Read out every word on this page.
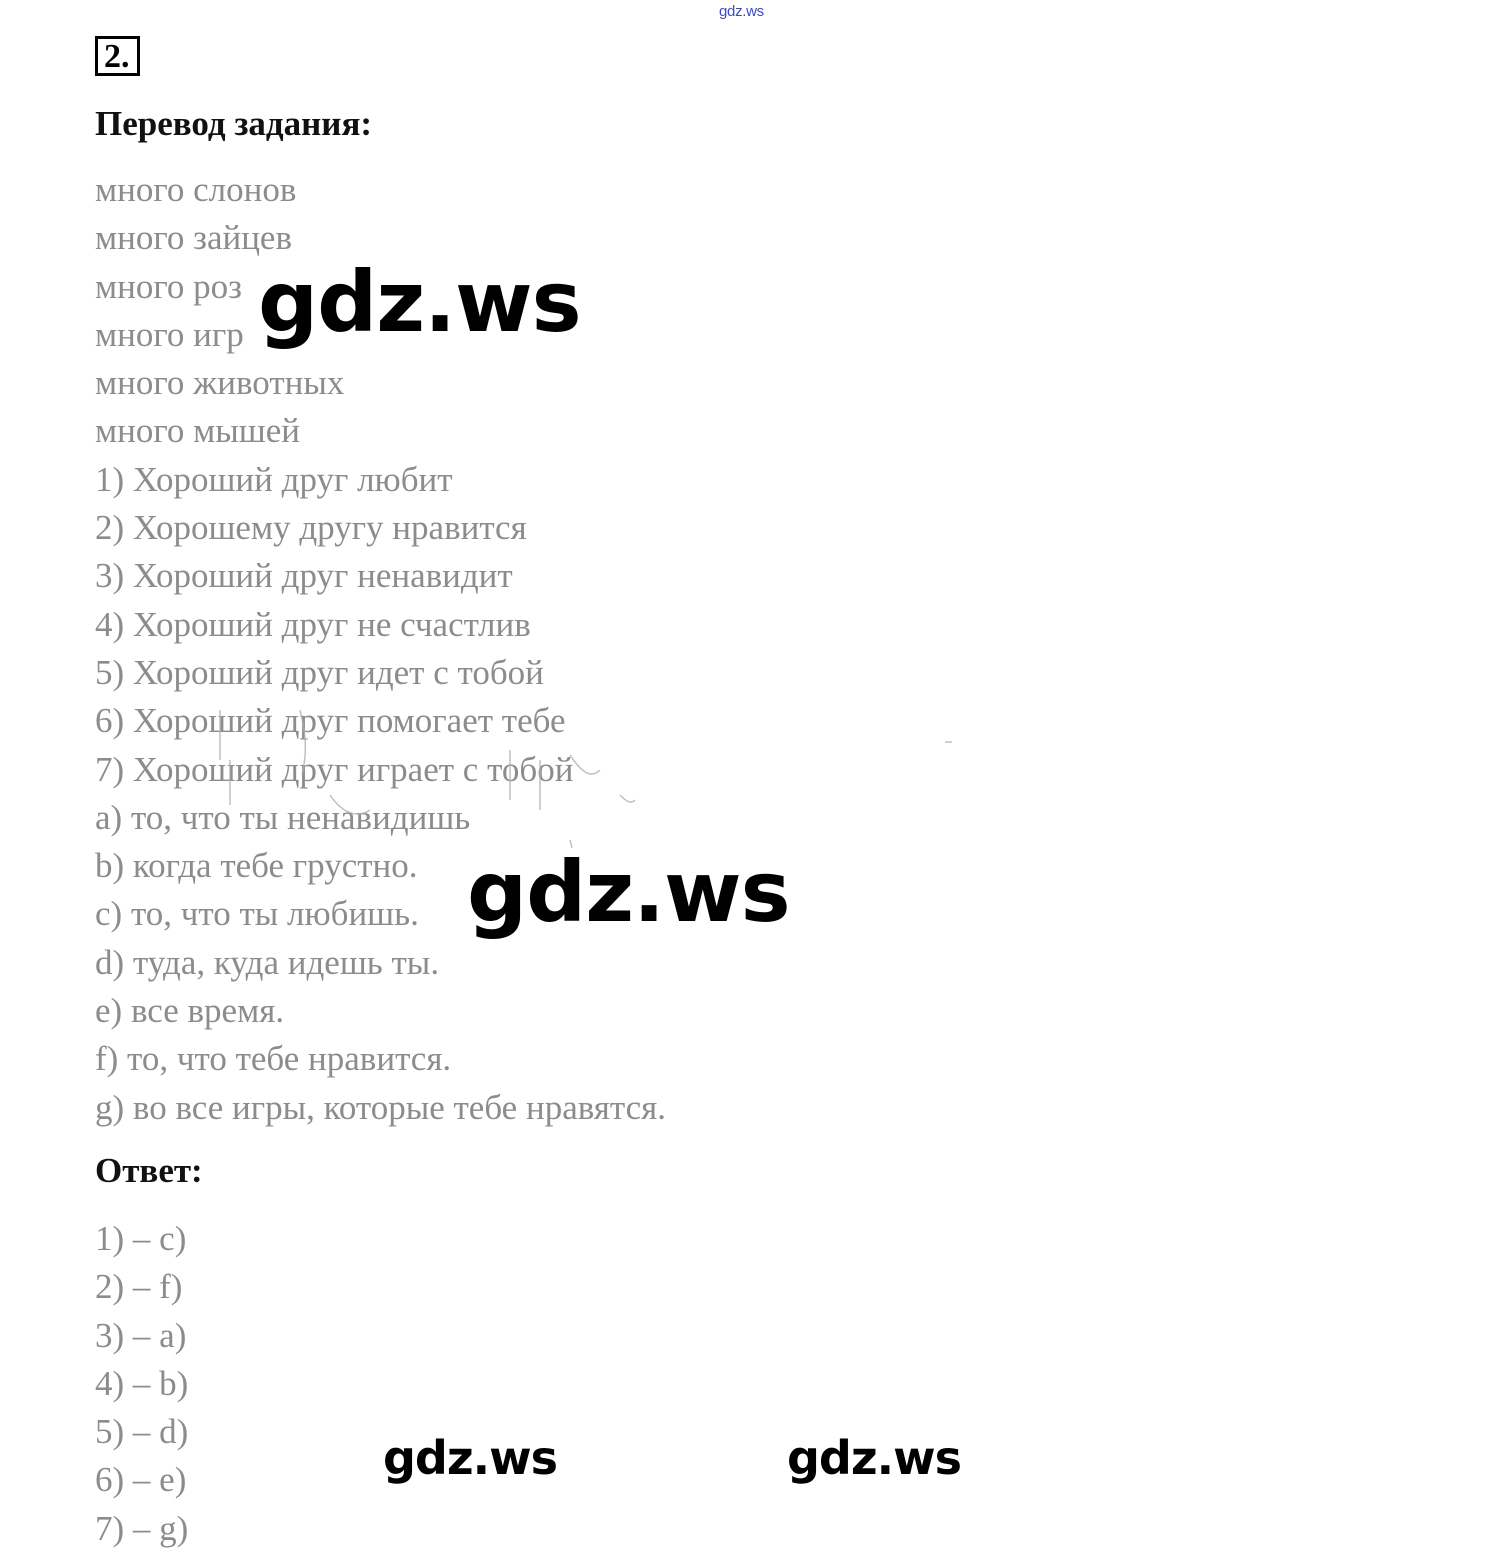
gdz.ws
2.
Перевод задания:
много слонов
много зайцев
много роз
много игр
много животных
много мышей
1) Хороший друг любит
2) Хорошему другу нравится
3) Хороший друг ненавидит
4) Хороший друг не счастлив
5) Хороший друг идет с тобой
6) Хороший друг помогает тебе
7) Хороший друг играет с тобой
a) то, что ты ненавидишь
b) когда тебе грустно.
c) то, что ты любишь.
d) туда, куда идешь ты.
e) все время.
f) то, что тебе нравится.
g) во все игры, которые тебе нравятся.
Ответ:
1) – c)
2) – f)
3) – a)
4) – b)
5) – d)
6) – e)
7) – g)
gdz.ws
gdz.ws
gdz.ws	gdz.ws
